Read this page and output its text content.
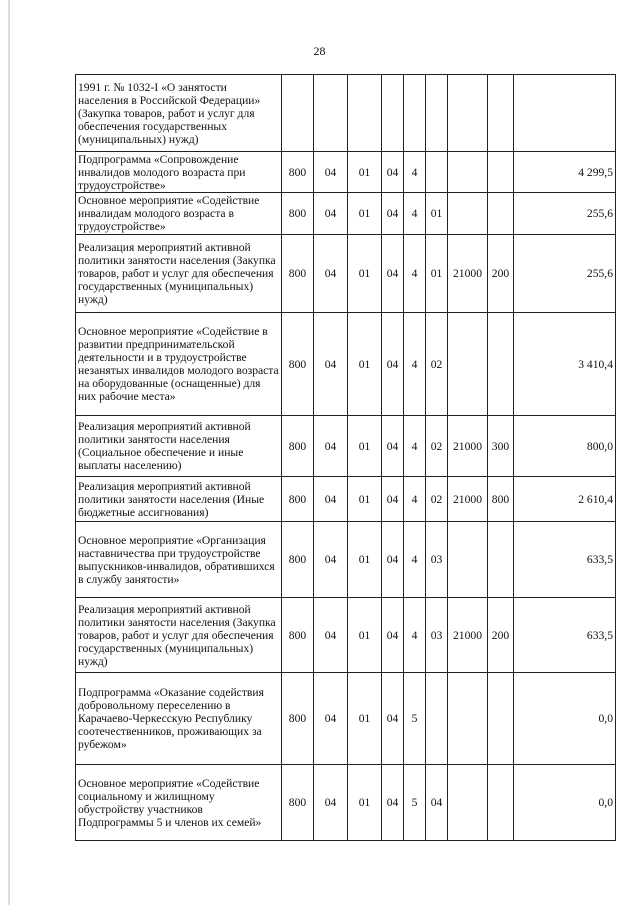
28
1991 г. № 1032-I «О занятости населения в Российской Федерации» (Закупка товаров, работ и услуг для обеспечения государственных (муниципальных) нужд)									
Подпрограмма «Сопровождение инвалидов молодого возраста при трудоустройстве»	800	04	01	04	4				4 299,5
Основное мероприятие «Содействие инвалидам молодого возраста в трудоустройстве»	800	04	01	04	4	01			255,6
Реализация мероприятий активной политики занятости населения (Закупка товаров, работ и услуг для обеспечения государственных (муниципальных) нужд)	800	04	01	04	4	01	21000	200	255,6
Основное мероприятие «Содействие в развитии предпринимательской деятельности и в трудоустройстве незанятых инвалидов молодого возраста на оборудованные (оснащенные) для них рабочие места»	800	04	01	04	4	02			3 410,4
Реализация мероприятий активной политики занятости населения (Социальное обеспечение и иные выплаты населению)	800	04	01	04	4	02	21000	300	800,0
Реализация мероприятий активной политики занятости населения (Иные бюджетные ассигнования)	800	04	01	04	4	02	21000	800	2 610,4
Основное мероприятие «Организация наставничества при трудоустройстве выпускников-инвалидов, обратившихся в службу занятости»	800	04	01	04	4	03			633,5
Реализация мероприятий активной политики занятости населения (Закупка товаров, работ и услуг для обеспечения государственных (муниципальных) нужд)	800	04	01	04	4	03	21000	200	633,5
Подпрограмма «Оказание содействия добровольному переселению в Карачаево-Черкесскую Республику соотечественников, проживающих за рубежом»	800	04	01	04	5				0,0
Основное мероприятие «Содействие социальному и жилищному обустройству участников Подпрограммы 5 и членов их семей»	800	04	01	04	5	04			0,0
